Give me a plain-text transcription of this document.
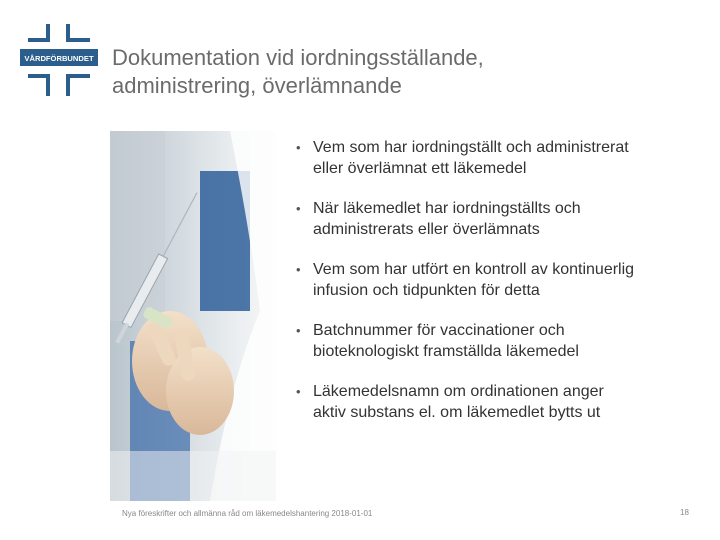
VÅRDFÖRBUNDET Dokumentation vid iordningsställande,
administrering, överlämnande
• Vem som har iordningställt och administrerat eller överlämnat ett läkemedel
• När läkemedlet har iordningställts och administrerats eller överlämnats
• Vem som har utfört en kontroll av kontinuerlig infusion och tidpunkten för detta
• Batchnummer för vaccinationer och bioteknologiskt framställda läkemedel
• Läkemedelsnamn om ordinationen anger aktiv substans el. om läkemedlet bytts ut
Nya föreskrifter och allmänna råd om läkemedelshantering 2018-01-01	18
